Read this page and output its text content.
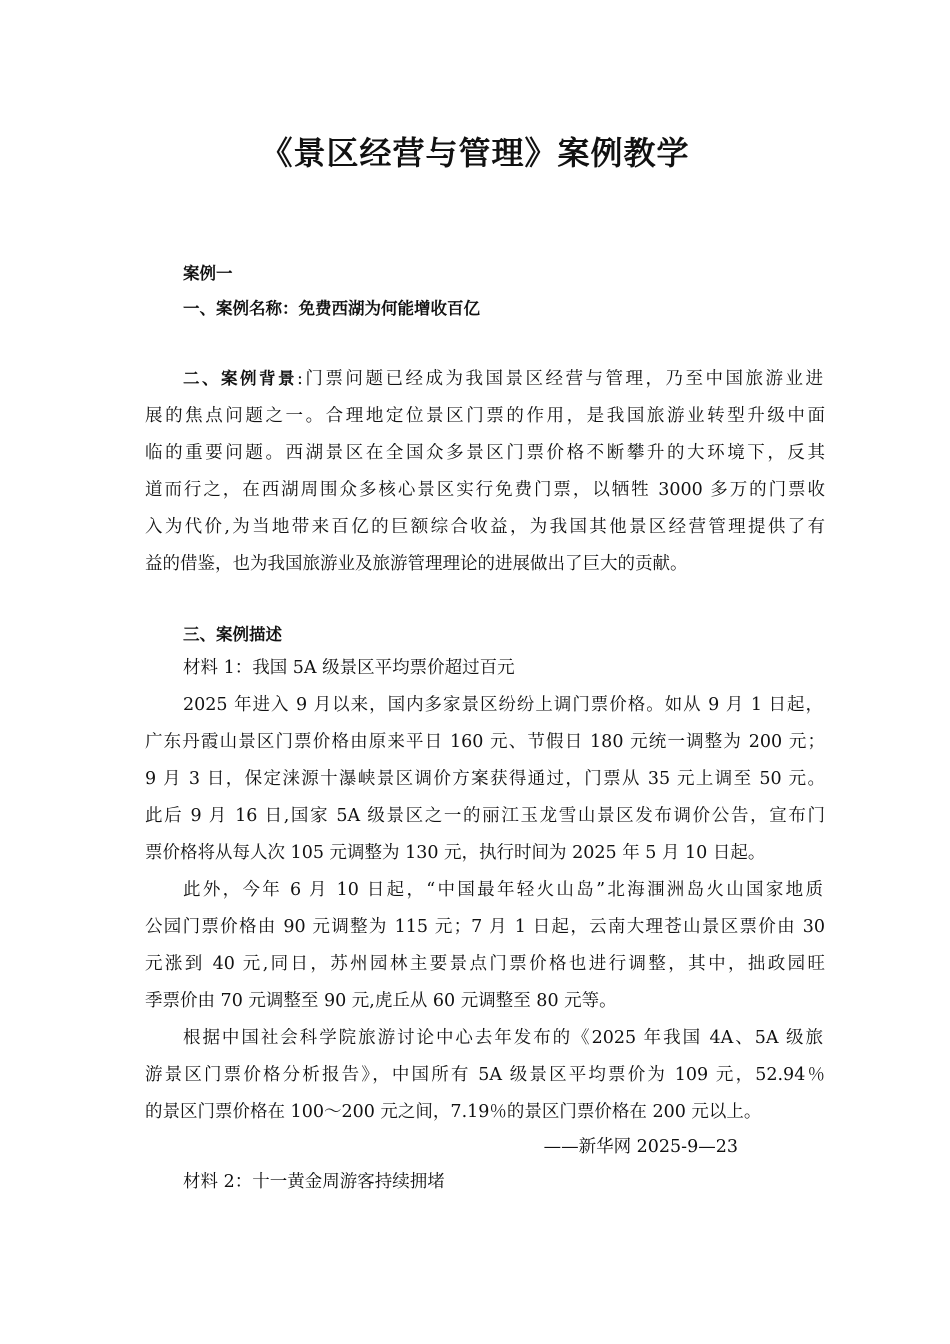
《景区经营与管理》案例教学
案例一
一、案例名称：免费西湖为何能增收百亿
二、案例背景:门票问题已经成为我国景区经营与管理，乃至中国旅游业进
展的焦点问题之一。合理地定位景区门票的作用，是我国旅游业转型升级中面
临的重要问题。西湖景区在全国众多景区门票价格不断攀升的大环境下，反其
道而行之，在西湖周围众多核心景区实行免费门票，以牺牲 3000 多万的门票收
入为代价,为当地带来百亿的巨额综合收益，为我国其他景区经营管理提供了有
益的借鉴，也为我国旅游业及旅游管理理论的进展做出了巨大的贡献。
三、案例描述
材料 1：我国 5A 级景区平均票价超过百元
2025 年进入 9 月以来，国内多家景区纷纷上调门票价格。如从 9 月 1 日起，
广东丹霞山景区门票价格由原来平日 160 元、节假日 180 元统一调整为 200 元；
9 月 3 日，保定涞源十瀑峡景区调价方案获得通过，门票从 35 元上调至 50 元。
此后 9 月 16 日,国家 5A 级景区之一的丽江玉龙雪山景区发布调价公告，宣布门
票价格将从每人次 105 元调整为 130 元，执行时间为 2025 年 5 月 10 日起。
此外，今年 6 月 10 日起，“中国最年轻火山岛”北海涠洲岛火山国家地质
公园门票价格由 90 元调整为 115 元；7 月 1 日起，云南大理苍山景区票价由 30
元涨到 40 元,同日，苏州园林主要景点门票价格也进行调整，其中，拙政园旺
季票价由 70 元调整至 90 元,虎丘从 60 元调整至 80 元等。
根据中国社会科学院旅游讨论中心去年发布的《2025 年我国 4A、5A 级旅
游景区门票价格分析报告》，中国所有 5A 级景区平均票价为 109 元，52.94％
的景区门票价格在 100～200 元之间，7.19％的景区门票价格在 200 元以上。
——新华网 2025-9—23
材料 2：十一黄金周游客持续拥堵
